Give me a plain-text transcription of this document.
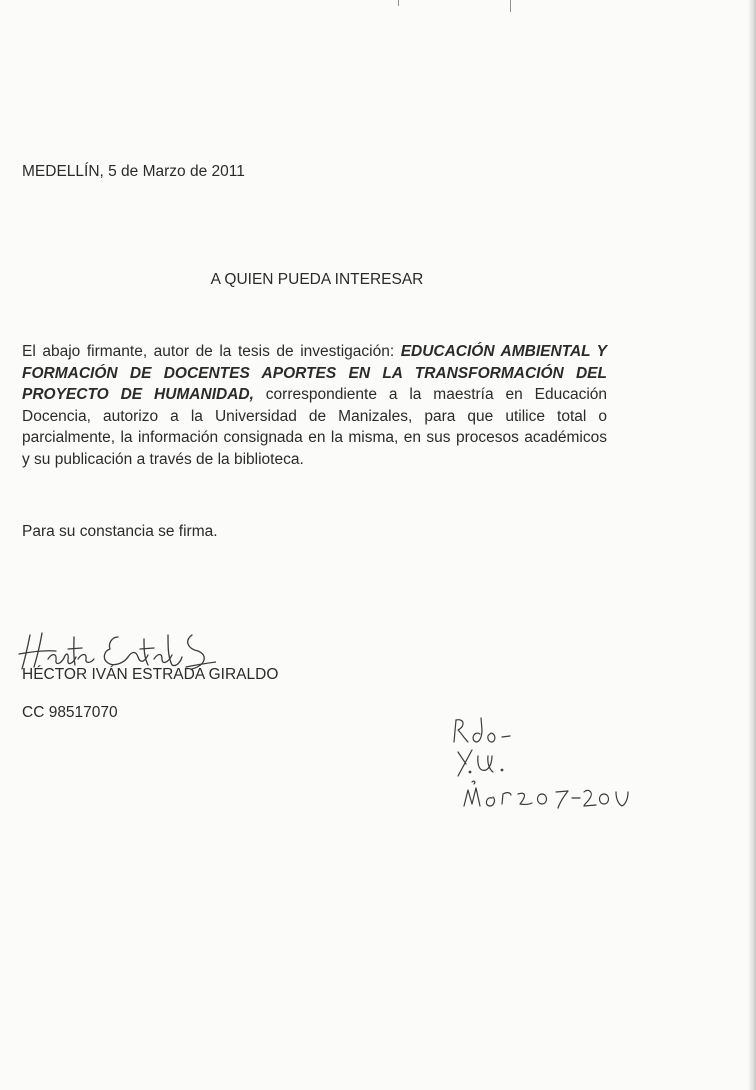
MEDELLÍN, 5 de Marzo de 2011
A QUIEN PUEDA INTERESAR
El abajo firmante, autor de la tesis de investigación: EDUCACIÓN AMBIENTAL Y FORMACIÓN DE DOCENTES APORTES EN LA TRANSFORMACIÓN DEL PROYECTO DE HUMANIDAD, correspondiente a la maestría en Educación Docencia, autorizo a la Universidad de Manizales, para que utilice total o parcialmente, la información consignada en la misma, en sus procesos académicos y su publicación a través de la biblioteca.
Para su constancia se firma.
HÉCTOR IVÁN ESTRADA GIRALDO
CC 98517070
